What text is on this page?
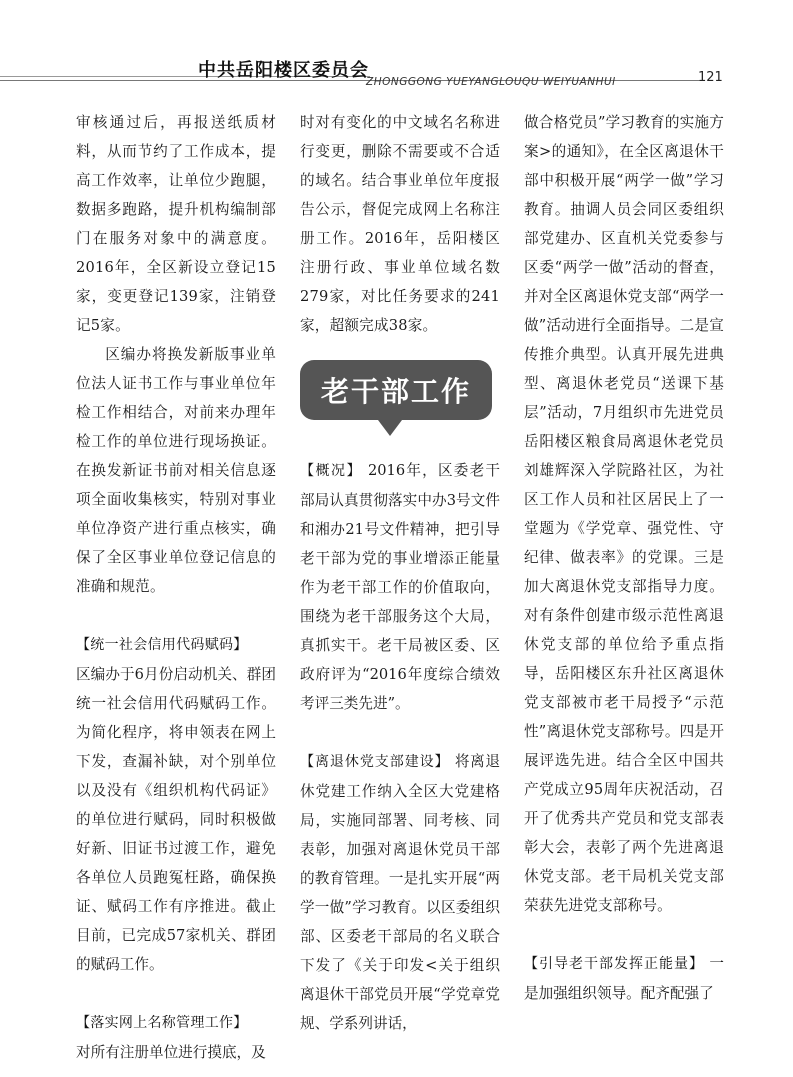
中共岳阳楼区委员会
ZHONGGONG YUEYANGLOUQU WEIYUANHUI	121

审核通过后，再报送纸质材料，从而节约了工作成本，提高工作效率，让单位少跑腿，数据多跑路，提升机构编制部门在服务对象中的满意度。2016年，全区新设立登记15家，变更登记139家，注销登记5家。

区编办将换发新版事业单位法人证书工作与事业单位年检工作相结合，对前来办理年检工作的单位进行现场换证。在换发新证书前对相关信息逐项全面收集核实，特别对事业单位净资产进行重点核实，确保了全区事业单位登记信息的准确和规范。

【统一社会信用代码赋码】
区编办于6月份启动机关、群团统一社会信用代码赋码工作。为简化程序，将申领表在网上下发，查漏补缺，对个别单位以及没有《组织机构代码证》的单位进行赋码，同时积极做好新、旧证书过渡工作，避免各单位人员跑冤枉路，确保换证、赋码工作有序推进。截止目前，已完成57家机关、群团的赋码工作。

【落实网上名称管理工作】
对所有注册单位进行摸底，及

时对有变化的中文域名名称进行变更，删除不需要或不合适的域名。结合事业单位年度报告公示，督促完成网上名称注册工作。2016年，岳阳楼区注册行政、事业单位域名数279家，对比任务要求的241家，超额完成38家。

老干部工作

【概况】 2016年，区委老干部局认真贯彻落实中办3号文件和湘办21号文件精神，把引导老干部为党的事业增添正能量作为老干部工作的价值取向，围绕为老干部服务这个大局，真抓实干。老干局被区委、区政府评为“2016年度综合绩效考评三类先进”。

【离退休党支部建设】 将离退休党建工作纳入全区大党建格局，实施同部署、同考核、同表彰，加强对离退休党员干部的教育管理。一是扎实开展“两学一做”学习教育。以区委组织部、区委老干部局的名义联合下发了《关于印发<关于组织离退休干部党员开展“学党章党规、学系列讲话，

做合格党员”学习教育的实施方案>的通知》，在全区离退休干部中积极开展“两学一做”学习教育。抽调人员会同区委组织部党建办、区直机关党委参与区委“两学一做”活动的督查，并对全区离退休党支部“两学一做”活动进行全面指导。二是宣传推介典型。认真开展先进典型、离退休老党员“送课下基层”活动，7月组织市先进党员岳阳楼区粮食局离退休老党员刘雄辉深入学院路社区，为社区工作人员和社区居民上了一堂题为《学党章、强党性、守纪律、做表率》的党课。三是加大离退休党支部指导力度。对有条件创建市级示范性离退休党支部的单位给予重点指导，岳阳楼区东升社区离退休党支部被市老干局授予“示范性”离退休党支部称号。四是开展评选先进。结合全区中国共产党成立95周年庆祝活动，召开了优秀共产党员和党支部表彰大会，表彰了两个先进离退休党支部。老干局机关党支部荣获先进党支部称号。

【引导老干部发挥正能量】 一是加强组织领导。配齐配强了
